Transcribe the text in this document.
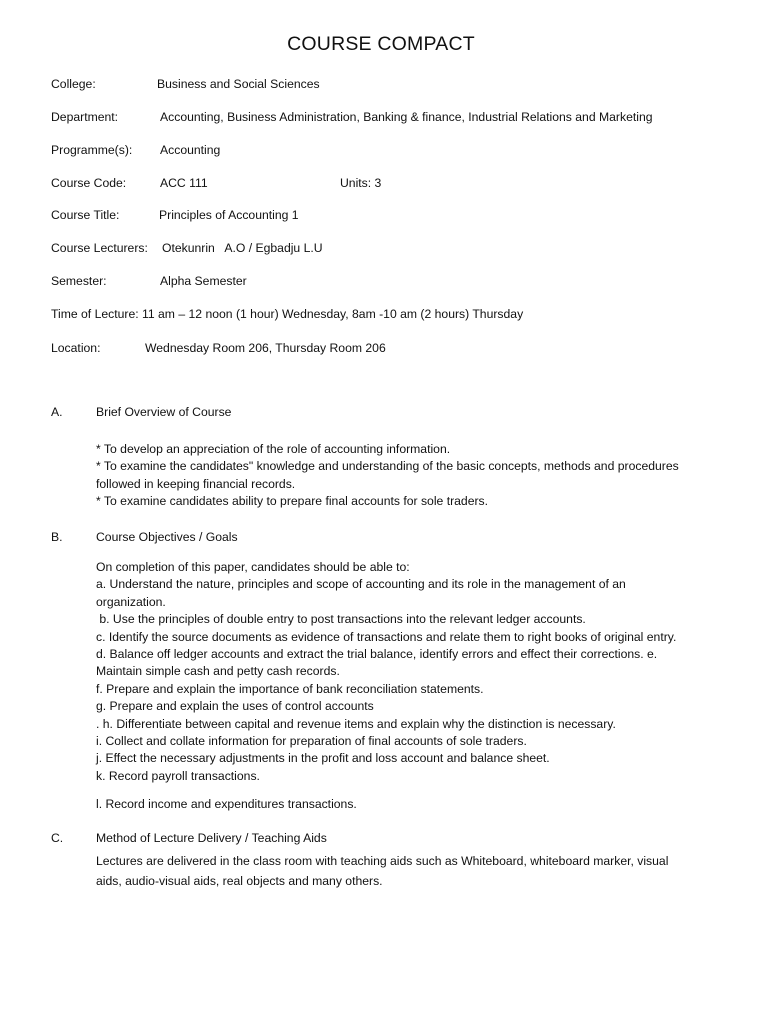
COURSE COMPACT
College:	Business and Social Sciences
Department:	Accounting, Business Administration, Banking & finance, Industrial Relations and Marketing
Programme(s): Accounting
Course Code:	ACC 111	Units: 3
Course Title:	Principles of Accounting 1
Course Lecturers: Otekunrin   A.O / Egbadju L.U
Semester:	Alpha Semester
Time of Lecture: 11 am – 12 noon (1 hour) Wednesday, 8am -10 am (2 hours) Thursday
Location:	Wednesday Room 206, Thursday Room 206
A.	Brief Overview of Course
* To develop an appreciation of the role of accounting information.
* To examine the candidates" knowledge and understanding of the basic concepts, methods and procedures
followed in keeping financial records.
* To examine candidates ability to prepare final accounts for sole traders.
B.	Course Objectives / Goals
On completion of this paper, candidates should be able to:
a. Understand the nature, principles and scope of accounting and its role in the management of an
organization.
b. Use the principles of double entry to post transactions into the relevant ledger accounts.
c. Identify the source documents as evidence of transactions and relate them to right books of original entry.
d. Balance off ledger accounts and extract the trial balance, identify errors and effect their corrections. e.
Maintain simple cash and petty cash records.
f. Prepare and explain the importance of bank reconciliation statements.
g. Prepare and explain the uses of control accounts
. h. Differentiate between capital and revenue items and explain why the distinction is necessary.
i. Collect and collate information for preparation of final accounts of sole traders.
j. Effect the necessary adjustments in the profit and loss account and balance sheet.
k. Record payroll transactions.
l. Record income and expenditures transactions.
C.	Method of Lecture Delivery / Teaching Aids
Lectures are delivered in the class room with teaching aids such as Whiteboard, whiteboard marker, visual
aids, audio-visual aids, real objects and many others.
